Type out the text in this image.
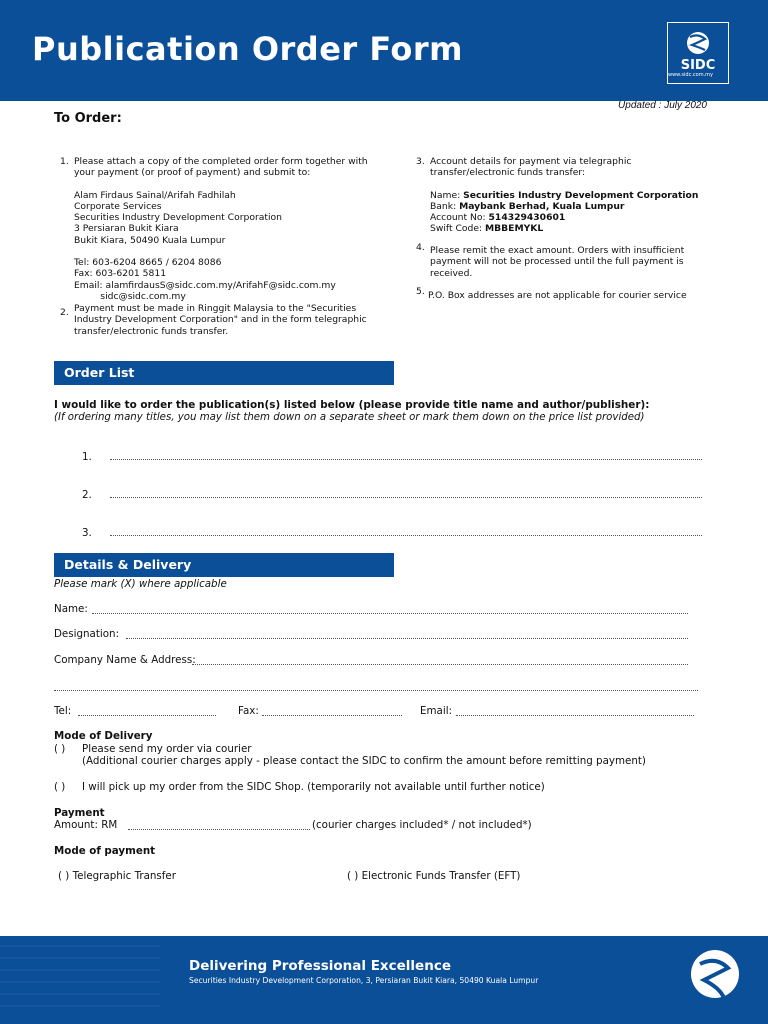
Publication Order Form	SIDC
www.sidc.com.my
Updated : July 2020
To Order:
1. Please attach a copy of the completed order form together with
your payment (or proof of payment) and submit to:
Alam Firdaus Sainal/Arifah Fadhilah
Corporate Services
Securities Industry Development Corporation
3 Persiaran Bukit Kiara
Bukit Kiara, 50490 Kuala Lumpur
Tel: 603-6204 8665 / 6204 8086
Fax: 603-6201 5811
Email: alamfirdausS@sidc.com.my/ArifahF@sidc.com.my
sidc@sidc.com.my
2. Payment must be made in Ringgit Malaysia to the "Securities
Industry Development Corporation" and in the form telegraphic
transfer/electronic funds transfer.
3. Account details for payment via telegraphic
transfer/electronic funds transfer:
Name: Securities Industry Development Corporation
Bank: Maybank Berhad, Kuala Lumpur
Account No: 514329430601
Swift Code: MBBEMYKL
4. Please remit the exact amount. Orders with insufficient
payment will not be processed until the full payment is
received.
5. P.O. Box addresses are not applicable for courier service
Order List
I would like to order the publication(s) listed below (please provide title name and author/publisher):
(If ordering many titles, you may list them down on a separate sheet or mark them down on the price list provided)
1.
2.
3.
Details & Delivery
Please mark (X) where applicable
Name:
Designation:
Company Name & Address:
Tel:	Fax:	Email:
Mode of Delivery
( ) Please send my order via courier
(Additional courier charges apply - please contact the SIDC to confirm the amount before remitting payment)
( ) I will pick up my order from the SIDC Shop. (temporarily not available until further notice)
Payment
Amount: RM	(courier charges included* / not included*)
Mode of payment
( ) Telegraphic Transfer	( ) Electronic Funds Transfer (EFT)
Delivering Professional Excellence
Securities Industry Development Corporation, 3, Persiaran Bukit Kiara, 50490 Kuala Lumpur
